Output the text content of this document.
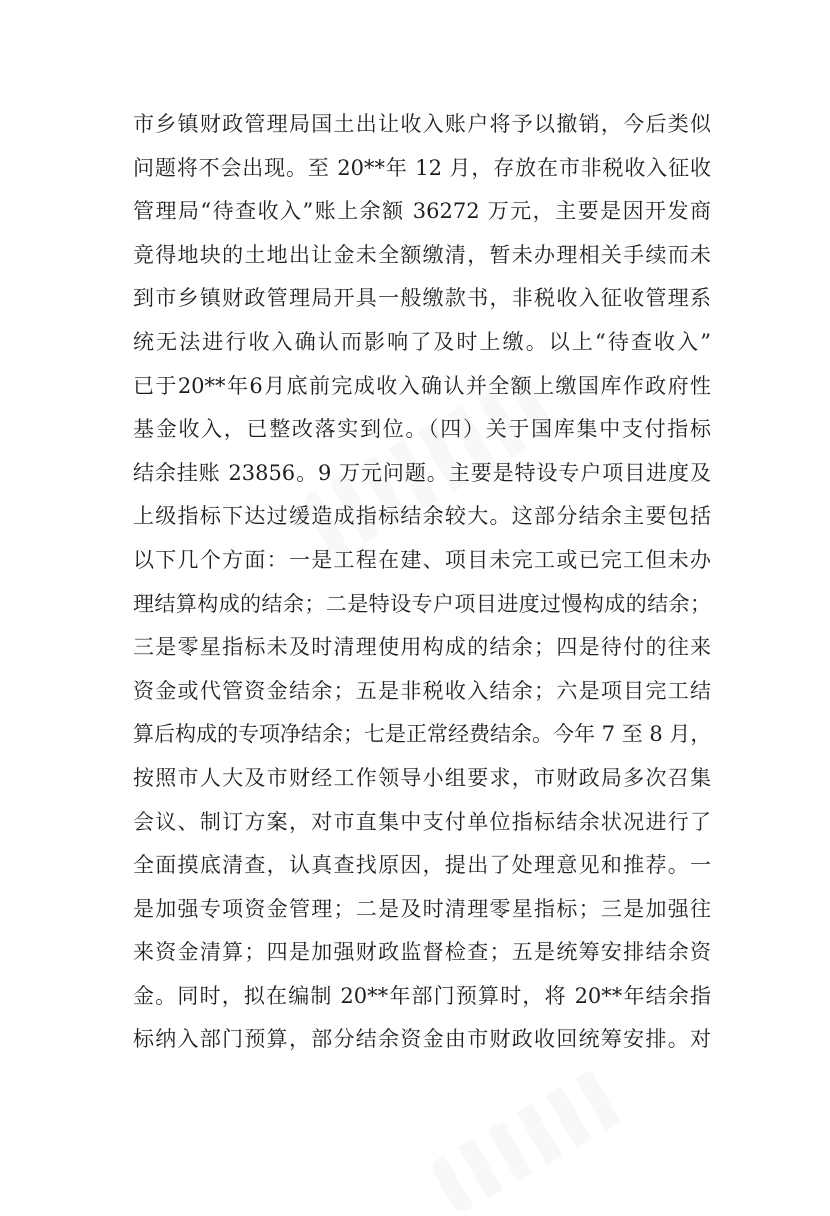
市乡镇财政管理局国土出让收入账户将予以撤销，今后类似
问题将不会出现。至 20**年 12 月，存放在市非税收入征收
管理局“待查收入”账上余额 36272 万元，主要是因开发商
竟得地块的土地出让金未全额缴清，暂未办理相关手续而未
到市乡镇财政管理局开具一般缴款书，非税收入征收管理系
统无法进行收入确认而影响了及时上缴。以上“待查收入”
已于20**年6月底前完成收入确认并全额上缴国库作政府性
基金收入，已整改落实到位。（四）关于国库集中支付指标
结余挂账 23856。9 万元问题。主要是特设专户项目进度及
上级指标下达过缓造成指标结余较大。这部分结余主要包括
以下几个方面：一是工程在建、项目未完工或已完工但未办
理结算构成的结余；二是特设专户项目进度过慢构成的结余；
三是零星指标未及时清理使用构成的结余；四是待付的往来
资金或代管资金结余；五是非税收入结余；六是项目完工结
算后构成的专项净结余；七是正常经费结余。今年 7 至 8 月，
按照市人大及市财经工作领导小组要求，市财政局多次召集
会议、制订方案，对市直集中支付单位指标结余状况进行了
全面摸底清查，认真查找原因，提出了处理意见和推荐。一
是加强专项资金管理；二是及时清理零星指标；三是加强往
来资金清算；四是加强财政监督检查；五是统筹安排结余资
金。同时，拟在编制 20**年部门预算时，将 20**年结余指
标纳入部门预算，部分结余资金由市财政收回统筹安排。对
